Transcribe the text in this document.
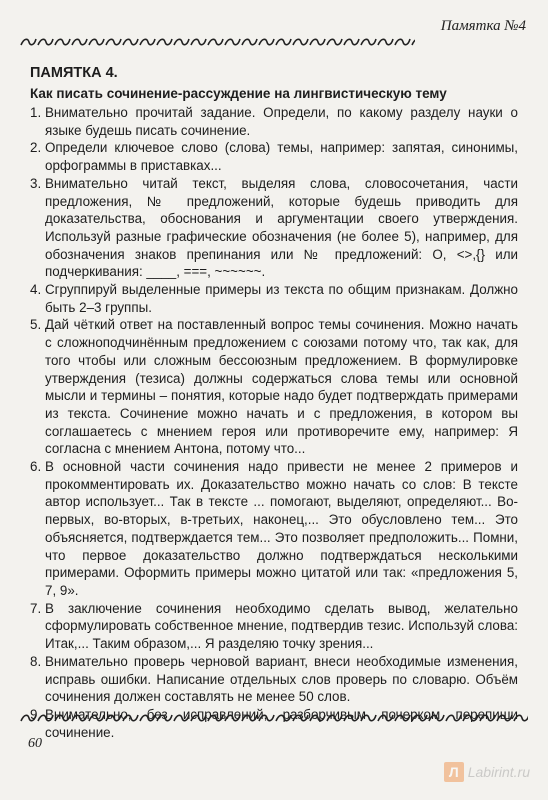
Памятка №4
ПАМЯТКА 4.
Как писать сочинение-рассуждение на лингвистическую тему
1. Внимательно прочитай задание. Определи, по какому разделу науки о языке будешь писать сочинение.
2. Определи ключевое слово (слова) темы, например: запятая, синонимы, орфограммы в приставках...
3. Внимательно читай текст, выделяя слова, словосочетания, части предложения, № предложений, которые будешь приводить для доказательства, обоснования и аргументации своего утверждения. Используй разные графические обозначения (не более 5), например, для обозначения знаков препинания или № предложений: O, <>,{} или подчеркивания: ____, ===, ~~~~~~.
4. Сгруппируй выделенные примеры из текста по общим признакам. Должно быть 2–3 группы.
5. Дай чёткий ответ на поставленный вопрос темы сочинения. Можно начать с сложноподчинённым предложением с союзами потому что, так как, для того чтобы или сложным бессоюзным предложением. В формулировке утверждения (тезиса) должны содержаться слова темы или основной мысли и термины – понятия, которые надо будет подтверждать примерами из текста. Сочинение можно начать и с предложения, в котором вы соглашаетесь с мнением героя или противоречите ему, например: Я согласна с мнением Антона, потому что...
6. В основной части сочинения надо привести не менее 2 примеров и прокомментировать их. Доказательство можно начать со слов: В тексте автор использует... Так в тексте ... помогают, выделяют, определяют... Во-первых, во-вторых, в-третьих, наконец,... Это обусловлено тем... Это объясняется, подтверждается тем... Это позволяет предположить... Помни, что первое доказательство должно подтверждаться несколькими примерами. Оформить примеры можно цитатой или так: «предложения 5, 7, 9».
7. В заключение сочинения необходимо сделать вывод, желательно сформулировать собственное мнение, подтвердив тезис. Используй слова: Итак,... Таким образом,... Я разделяю точку зрения...
8. Внимательно проверь черновой вариант, внеси необходимые изменения, исправь ошибки. Написание отдельных слов проверь по словарю. Объём сочинения должен составлять не менее 50 слов.
сочинение.
60
Л Labirint.ru
